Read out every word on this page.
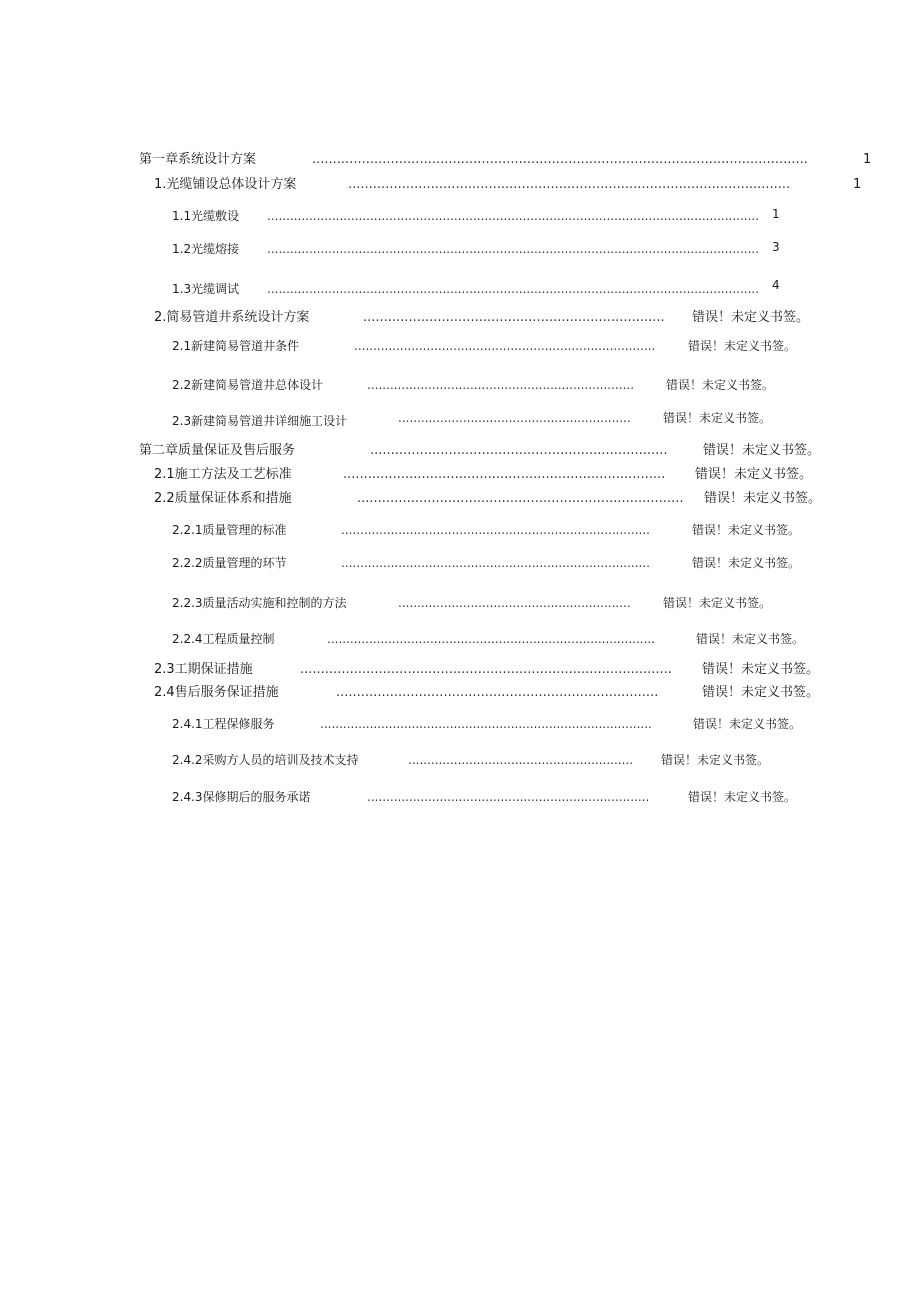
第一章系统设计方案	........................................................................................................................	1
1.光缆铺设总体设计方案	...........................................................................................................	1
1.1光缆敷设 .................................................................................................................................	1
1.2光缆熔接 .................................................................................................................................	3
1.3光缆调试 .................................................................................................................................	4
2.简易管道井系统设计方案	.........................................................................	错误！未定义书签。
2.1新建简易管道井条件	...............................................................................	错误！未定义书签。
2.2新建简易管道井总体设计	......................................................................	错误！未定义书签。
2.3新建简易管道井详细施工设计	.............................................................	错误！未定义书签。
第二章质量保证及售后服务	........................................................................	错误！未定义书签。
2.1施工方法及工艺标准	..............................................................................	错误！未定义书签。
2.2质量保证体系和措施	...............................................................................	错误！未定义书签。
2.2.1质量管理的标准	.................................................................................	错误！未定义书签。
2.2.2质量管理的环节	.................................................................................	错误！未定义书签。
2.2.3质量活动实施和控制的方法	.............................................................	错误！未定义书签。
2.2.4工程质量控制	......................................................................................	错误！未定义书签。
2.3工期保证措施	..........................................................................................	错误！未定义书签。
2.4售后服务保证措施	..............................................................................	错误！未定义书签。
2.4.1工程保修服务	.......................................................................................	错误！未定义书签。
2.4.2采购方人员的培训及技术支持	...........................................................	错误！未定义书签。
2.4.3保修期后的服务承诺	..........................................................................	错误！未定义书签。
